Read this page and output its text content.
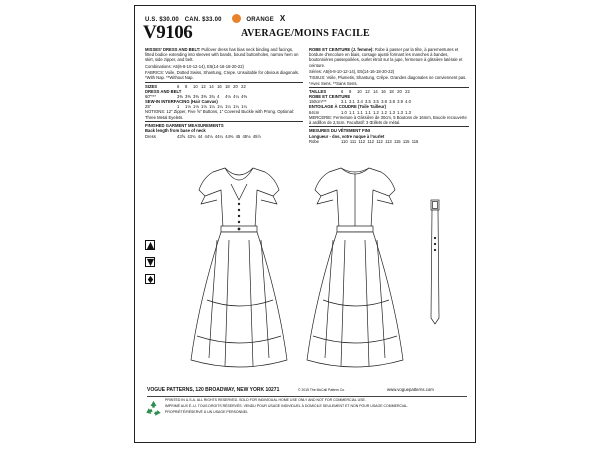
U.S. $30.00 CAN. $33.00	ORANGE X
V9106	AVERAGE/MOINS FACILE

MISSES' DRESS AND BELT: Pullover dress has bias neck binding and facings, fitted bodice extending into sleeves with bands, bound buttonholes, narrow hem on skirt, side zipper, and belt.

Combinations: A5(6-8-10-12-14), E5(14-16-18-20-22)

FABRICS: Voile, Dotted Swiss, Shantung, Crepe. Unsuitable for obvious diagonals. *With Nap. **Without Nap.

SIZES	6	8	10	12	14	16	18	20	22
DRESS AND BELT									
60"***	3⅜	3⅜	3⅜	3⅜	3¾	4	4⅛	4¼	4⅜
SEW-IN INTERFACING (Hair Canvas)									
25"	1	1⅛	1⅛	1⅛	1¼	1¼	1¼	1¼	1¼

NOTIONS: 12" Zipper, Five ⅝" Buttons, 1" Covered Buckle with Prong. Optional: Three Metal Eyelets.

FINISHED GARMENT MEASUREMENTS

Back length from base of neck

Dress	43⅝	43¾	44	44⅛	44¼	44⅜	45	45⅛	45½

ROBE ET CEINTURE (J. femme): Robe à passer par la tête, à parementures et bordure d'encolure en biais, corsage ajusté formant les manches à bandes, boutonnières passepoilées, ourlet étroit sur la jupe, fermeture à glissière latérale et ceinture.

Séries: A5(6-8-10-12-14), E5(14-16-18-20-22)

TISSUS: Voile, Plumetis, Shantung, Crêpe. Grandes diagonales ne conviennent pas. *Avec Sens. **Sans Sens.

TAILLES	6	8	10	12	14	16	18	20	22
ROBE ET CEINTURE									
150cm***	3.1	3.1	3.4	3.5	3.5	3.8	3.8	3.9	4.0
ENTOILAGE À COUDRE (Toile Tailleur)									
64cm	1.0	1.1	1.1	1.1	1.2	1.2	1.3	1.3	1.3

MERCERIE: Fermeture à Glissière de 30cm, 5 Boutons de 16mm, Boucle recouverte à ardillon de 2,5cm. Facultatif: 3 Œillets de métal.

MESURES DU VÊTEMENT FINI

Longueur - dos, votre nuque à l'ourlet

Robe	110	111	112	112	112	113	115	115	116
VOGUE PATTERNS, 120 BROADWAY, NEW YORK 10271	© 2015 The McCall Pattern Co.	www.voguepatterns.com
PRINTED IN U.S.A. ALL RIGHTS RESERVED. SOLD FOR INDIVIDUAL HOME USE ONLY AND NOT FOR COMMERCIAL USE.
IMPRIMÉ AUX É.-U. TOUS DROITS RÉSERVÉS. VENDU POUR USAGE INDIVIDUEL À DOMICILE SEULEMENT ET NON POUR USAGE COMMERCIAL.
PROPRIÉTÉ/RÉSERVÉ À UN USAGE PERSONNEL
